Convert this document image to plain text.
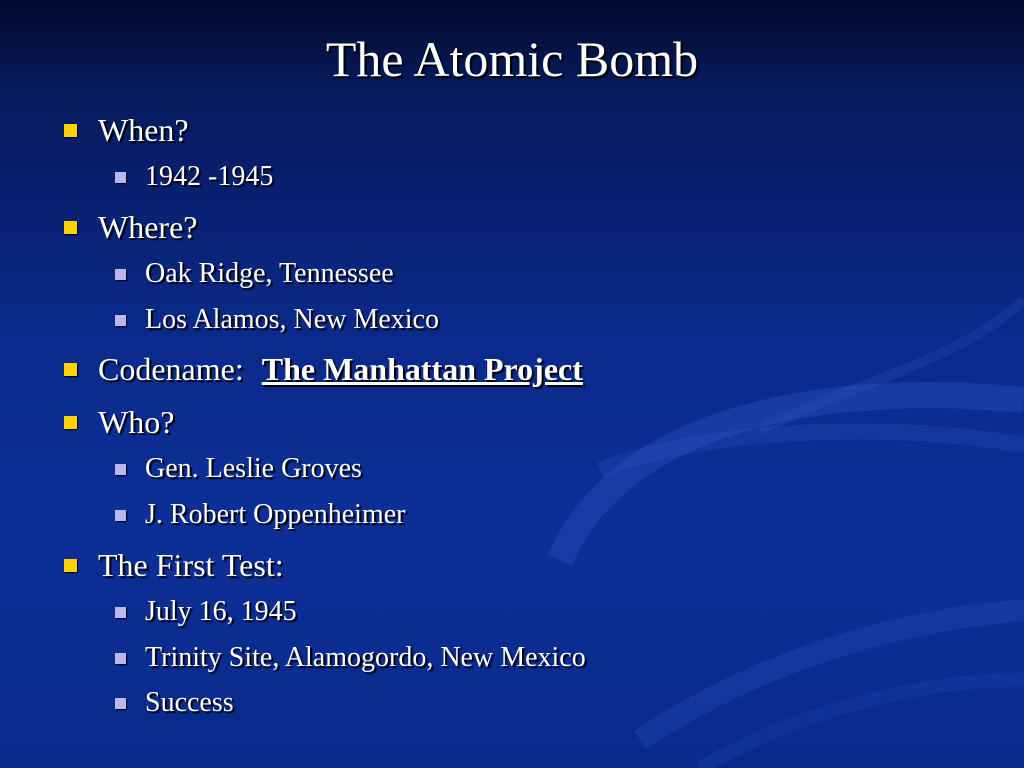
The Atomic Bomb
When?
1942 -1945
Where?
Oak Ridge, Tennessee
Los Alamos, New Mexico
Codename: The Manhattan Project
Who?
Gen. Leslie Groves
J. Robert Oppenheimer
The First Test:
July 16, 1945
Trinity Site, Alamogordo, New Mexico
Success
